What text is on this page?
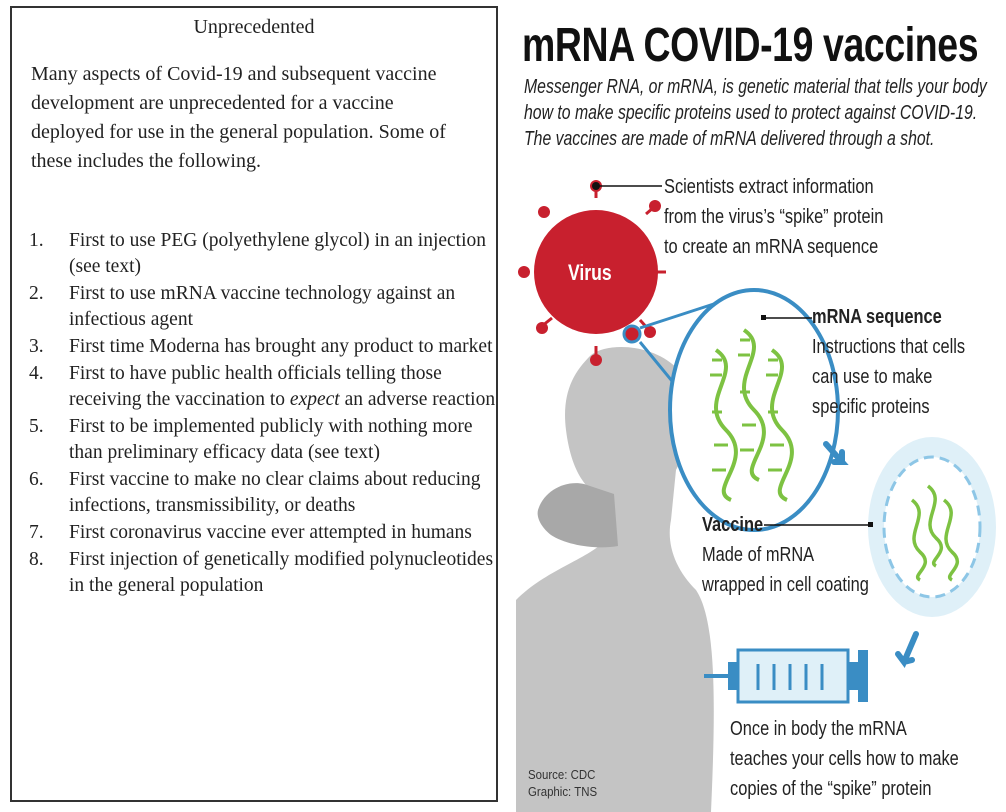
Unprecedented

Many aspects of Covid-19 and subsequent vaccine development are unprecedented for a vaccine deployed for use in the general population. Some of these includes the following.

1. First to use PEG (polyethylene glycol) in an injection (see text)
2. First to use mRNA vaccine technology against an infectious agent
3. First time Moderna has brought any product to market
4. First to have public health officials telling those receiving the vaccination to expect an adverse reaction
5. First to be implemented publicly with nothing more than preliminary efficacy data (see text)
6. First vaccine to make no clear claims about reducing infections, transmissibility, or deaths
7. First coronavirus vaccine ever attempted in humans
8. First injection of genetically modified polynucleotides in the general population
mRNA COVID-19 vaccines

Messenger RNA, or mRNA, is genetic material that tells your body how to make specific proteins used to protect against COVID-19. The vaccines are made of mRNA delivered through a shot.

Virus
Scientists extract information
from the virus’s “spike” protein
to create an mRNA sequence
mRNA sequence
Instructions that cells
can use to make
specific proteins
Vaccine
Made of mRNA
wrapped in cell coating
Once in body the mRNA
teaches your cells how to make
copies of the “spike” protein
Source: CDC
Graphic: TNS
